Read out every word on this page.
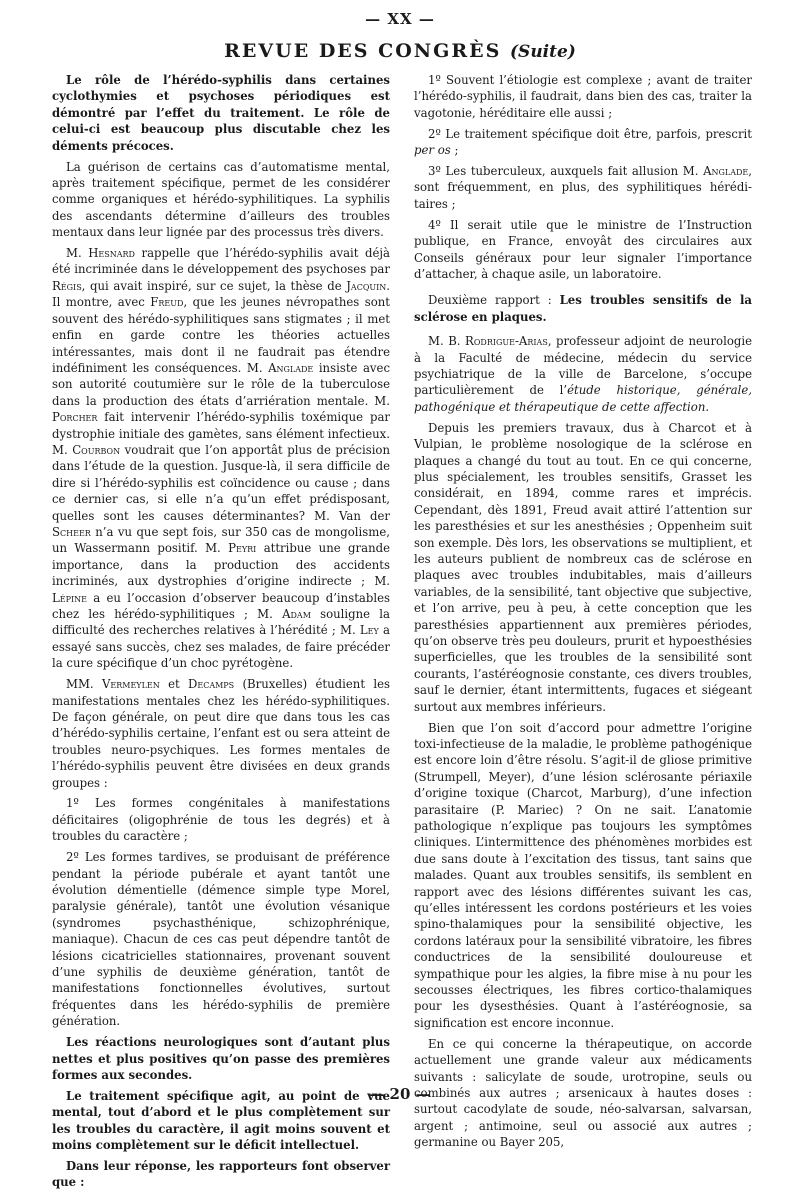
— XX —
REVUE DES CONGRÈS (Suite)

Le rôle de l’hérédo-syphilis dans certaines cyclothymies et psychoses périodiques est démontré par l’effet du traitement. Le rôle de celui-ci est beaucoup plus discutable chez les déments précoces.

La guérison de certains cas d’automatisme mental, après traitement spécifique, permet de les considérer comme organiques et hérédo-syphilitiques. La syphilis des ascendants détermine d’ailleurs des troubles mentaux dans leur lignée par des processus très divers.

M. Hesnard rappelle que l’hérédo-syphilis avait déjà été incriminée dans le développement des psychoses par Régis, qui avait inspiré, sur ce sujet, la thèse de Jacquin. Il montre, avec Freud, que les jeunes névropathes sont souvent des hérédo-syphilitiques sans stigmates ; il met enfin en garde contre les théories actuelles intéressantes, mais dont il ne faudrait pas étendre indéfiniment les conséquences. M. Anglade insiste avec son autorité coutumière sur le rôle de la tuberculose dans la production des états d’arriération mentale. M. Porcher fait intervenir l’hérédo-syphilis toxémique par dystrophie initiale des gamètes, sans élément infectieux. M. Courbon voudrait que l’on apportât plus de précision dans l’étude de la question. Jusque-là, il sera difficile de dire si l’hérédo-syphilis est coïncidence ou cause ; dans ce dernier cas, si elle n’a qu’un effet prédisposant, quelles sont les causes déterminantes? M. Van der Scheer n’a vu que sept fois, sur 350 cas de mongolisme, un Wassermann positif. M. Peyri attribue une grande importance, dans la production des accidents incriminés, aux dystrophies d’origine indirecte ; M. Lépine a eu l’occasion d’observer beaucoup d’instables chez les hérédo-syphilitiques ; M. Adam souligne la difficulté des recherches relatives à l’hérédité ; M. Ley a essayé sans succès, chez ses malades, de faire précéder la cure spécifique d’un choc pyrétogène.

MM. Vermeylen et Decamps (Bruxelles) étudient les manifestations mentales chez les hérédo-syphilitiques. De façon générale, on peut dire que dans tous les cas d’hérédo-syphilis certaine, l’enfant est ou sera atteint de troubles neuro-psychiques. Les formes mentales de l’hérédo-syphilis peuvent être divisées en deux grands groupes :

1º Les formes congénitales à manifestations déficitaires (oligophrénie de tous les degrés) et à troubles du caractère ;

2º Les formes tardives, se produisant de préférence pendant la période pubérale et ayant tantôt une évolution démentielle (démence simple type Morel, paralysie générale), tantôt une évolution vésanique (syndromes psychasthénique, schizophrénique, maniaque). Chacun de ces cas peut dépendre tantôt de lésions cicatricielles stationnaires, provenant souvent d’une syphilis de deuxième génération, tantôt de manifestations fonctionnelles évolutives, surtout fréquentes dans les hérédo-syphilis de première génération.

Les réactions neurologiques sont d’autant plus nettes et plus positives qu’on passe des premières formes aux secondes.

Le traitement spécifique agit, au point de vue mental, tout d’abord et le plus complètement sur les troubles du caractère, il agit moins souvent et moins complètement sur le déficit intellectuel.

Dans leur réponse, les rapporteurs font observer que :

1º Souvent l’étiologie est complexe ; avant de traiter l’hérédo-syphilis, il faudrait, dans bien des cas, traiter la vagotonie, héréditaire elle aussi ;

2º Le traitement spécifique doit être, parfois, prescrit per os ;

3º Les tuberculeux, auxquels fait allusion M. Anglade, sont fréquemment, en plus, des syphilitiques héréditaires ;

4º Il serait utile que le ministre de l’Instruction publique, en France, envoyât des circulaires aux Conseils généraux pour leur signaler l’importance d’attacher, à chaque asile, un laboratoire.

Deuxième rapport : Les troubles sensitifs de la sclérose en plaques.

M. B. Rodrigue-Arias, professeur adjoint de neurologie à la Faculté de médecine, médecin du service psychiatrique de la ville de Barcelone, s’occupe particulièrement de l’étude historique, générale, pathogénique et thérapeutique de cette affection.

Depuis les premiers travaux, dus à Charcot et à Vulpian, le problème nosologique de la sclérose en plaques a changé du tout au tout. En ce qui concerne, plus spécialement, les troubles sensitifs, Grasset les considérait, en 1894, comme rares et imprécis. Cependant, dès 1891, Freud avait attiré l’attention sur les paresthésies et sur les anesthésies ; Oppenheim suit son exemple. Dès lors, les observations se multiplient, et les auteurs publient de nombreux cas de sclérose en plaques avec troubles indubitables, mais d’ailleurs variables, de la sensibilité, tant objective que subjective, et l’on arrive, peu à peu, à cette conception que les paresthésies appartiennent aux premières périodes, qu’on observe très peu douleurs, prurit et hypoesthésies superficielles, que les troubles de la sensibilité sont courants, l’astéréognosie constante, ces divers troubles, sauf le dernier, étant intermittents, fugaces et siégeant surtout aux membres inférieurs.

Bien que l’on soit d’accord pour admettre l’origine toxi-infectieuse de la maladie, le problème pathogénique est encore loin d’être résolu. S’agit-il de gliose primitive (Strumpell, Meyer), d’une lésion sclérosante périaxile d’origine toxique (Charcot, Marburg), d’une infection parasitaire (P. Mariec) ? On ne sait. L’anatomie pathologique n’explique pas toujours les symptômes cliniques. L’intermittence des phénomènes morbides est due sans doute à l’excitation des tissus, tant sains que malades. Quant aux troubles sensitifs, ils semblent en rapport avec des lésions différentes suivant les cas, qu’elles intéressent les cordons postérieurs et les voies spino-thalamiques pour la sensibilité objective, les cordons latéraux pour la sensibilité vibratoire, les fibres conductrices de la sensibilité douloureuse et sympathique pour les algies, la fibre mise à nu pour les secousses électriques, les fibres cortico-thalamiques pour les dysesthésies. Quant à l’astéréognosie, sa signification est encore inconnue.

En ce qui concerne la thérapeutique, on accorde actuellement une grande valeur aux médicaments suivants : salicylate de soude, urotropine, seuls ou combinés aux autres ; arsenicaux à hautes doses : surtout cacodylate de soude, néo-salvarsan, salvarsan, argent ; antimoine, seul ou associé aux autres ; germanine ou Bayer 205,

— 20 —
